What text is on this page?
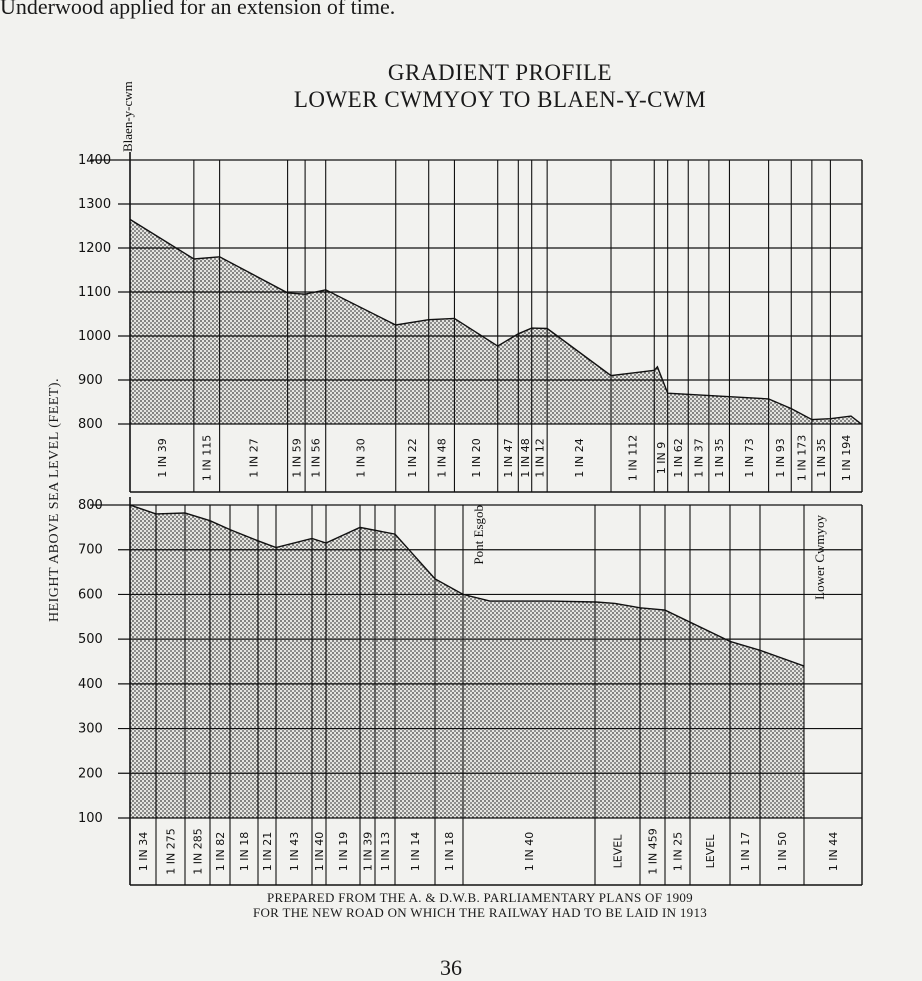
Underwood applied for an extension of time.
GRADIENT PROFILE
LOWER CWMYOY TO BLAEN-Y-CWM
HEIGHT ABOVE SEA LEVEL (FEET). 800
900
1000
1100
1200
1300
1400
1 IN 39	1 IN 115	1 IN 27	1 IN 59 1 IN 56	1 IN 30	1 IN 22 1 IN 48 1 IN 20 1 IN 47 1 IN 48 1 IN 12 1 IN 24	1 IN 112 1 IN 9 1 IN 62 1 IN 37 1 IN 35 1 IN 73 1 IN 93 1 IN 173 1 IN 35 1 IN 194
Blaen-y-cwm
100
200
300
400
500
600
700
800
1 IN 34 1 IN 275 1 IN 285 1 IN 82 1 IN 18 1 IN 21 1 IN 43 1 IN 40 1 IN 19 1 IN 39 1 IN 13 1 IN 14 1 IN 18	1 IN 40	LEVEL 1 IN 459 1 IN 25 LEVEL 1 IN 17 1 IN 50	1 IN 44
Pont Esgob	Lower Cwmyoy
PREPARED FROM THE A. & D.W.B. PARLIAMENTARY PLANS OF 1909
FOR THE NEW ROAD ON WHICH THE RAILWAY HAD TO BE LAID IN 1913
36
